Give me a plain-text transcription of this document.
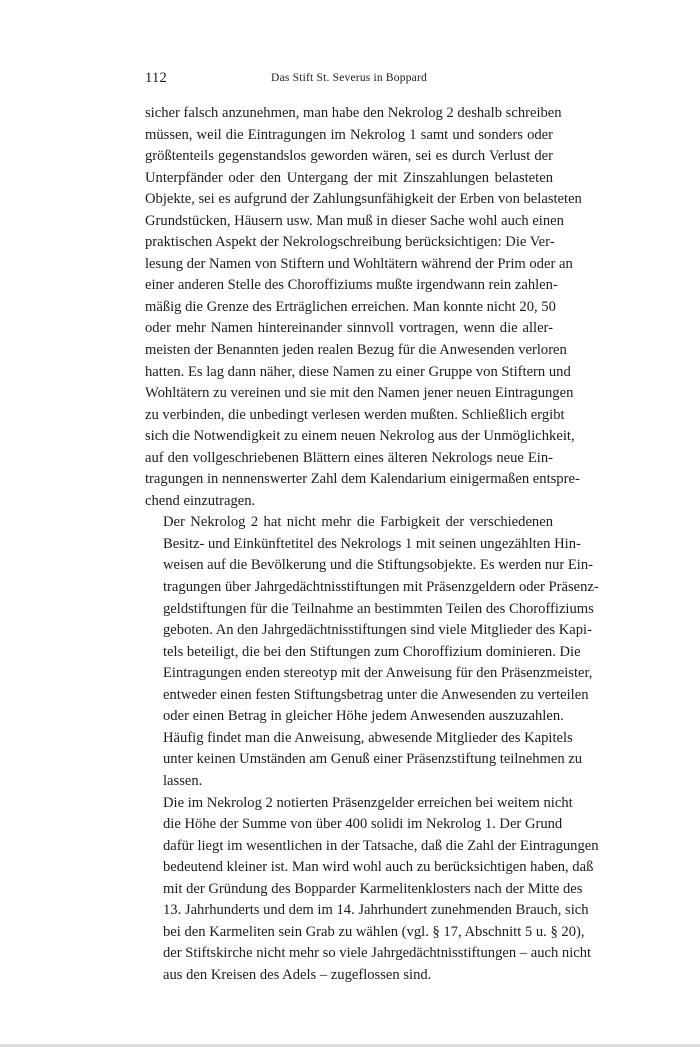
112	Das Stift St. Severus in Boppard
sicher falsch anzunehmen, man habe den Nekrolog 2 deshalb schreiben
müssen, weil die Eintragungen im Nekrolog 1 samt und sonders oder
größtenteils gegenstandslos geworden wären, sei es durch Verlust der
Unterpfänder oder den Untergang der mit Zinszahlungen belasteten
Objekte, sei es aufgrund der Zahlungsunfähigkeit der Erben von belasteten
Grundstücken, Häusern usw. Man muß in dieser Sache wohl auch einen
praktischen Aspekt der Nekrologschreibung berücksichtigen: Die Ver-
lesung der Namen von Stiftern und Wohltätern während der Prim oder an
einer anderen Stelle des Choroffiziums mußte irgendwann rein zahlen-
mäßig die Grenze des Erträglichen erreichen. Man konnte nicht 20, 50
oder mehr Namen hintereinander sinnvoll vortragen, wenn die aller-
meisten der Benannten jeden realen Bezug für die Anwesenden verloren
hatten. Es lag dann näher, diese Namen zu einer Gruppe von Stiftern und
Wohltätern zu vereinen und sie mit den Namen jener neuen Eintragungen
zu verbinden, die unbedingt verlesen werden mußten. Schließlich ergibt
sich die Notwendigkeit zu einem neuen Nekrolog aus der Unmöglichkeit,
auf den vollgeschriebenen Blättern eines älteren Nekrologs neue Ein-
tragungen in nennenswerter Zahl dem Kalendarium einigermaßen entspre-
chend einzutragen.
Der Nekrolog 2 hat nicht mehr die Farbigkeit der verschiedenen
Besitz- und Einkünftetitel des Nekrologs 1 mit seinen ungezählten Hin-
weisen auf die Bevölkerung und die Stiftungsobjekte. Es werden nur Ein-
tragungen über Jahrgedächtnisstiftungen mit Präsenzgeldern oder Präsenz-
geldstiftungen für die Teilnahme an bestimmten Teilen des Choroffiziums
geboten. An den Jahrgedächtnisstiftungen sind viele Mitglieder des Kapi-
tels beteiligt, die bei den Stiftungen zum Choroffizium dominieren. Die
Eintragungen enden stereotyp mit der Anweisung für den Präsenzmeister,
entweder einen festen Stiftungsbetrag unter die Anwesenden zu verteilen
oder einen Betrag in gleicher Höhe jedem Anwesenden auszuzahlen.
Häufig findet man die Anweisung, abwesende Mitglieder des Kapitels
unter keinen Umständen am Genuß einer Präsenzstiftung teilnehmen zu
lassen.
Die im Nekrolog 2 notierten Präsenzgelder erreichen bei weitem nicht
die Höhe der Summe von über 400 solidi im Nekrolog 1. Der Grund
dafür liegt im wesentlichen in der Tatsache, daß die Zahl der Eintragungen
bedeutend kleiner ist. Man wird wohl auch zu berücksichtigen haben, daß
mit der Gründung des Bopparder Karmelitenklosters nach der Mitte des
13. Jahrhunderts und dem im 14. Jahrhundert zunehmenden Brauch, sich
bei den Karmeliten sein Grab zu wählen (vgl. § 17, Abschnitt 5 u. § 20),
der Stiftskirche nicht mehr so viele Jahrgedächtnisstiftungen – auch nicht
aus den Kreisen des Adels – zugeflossen sind.
